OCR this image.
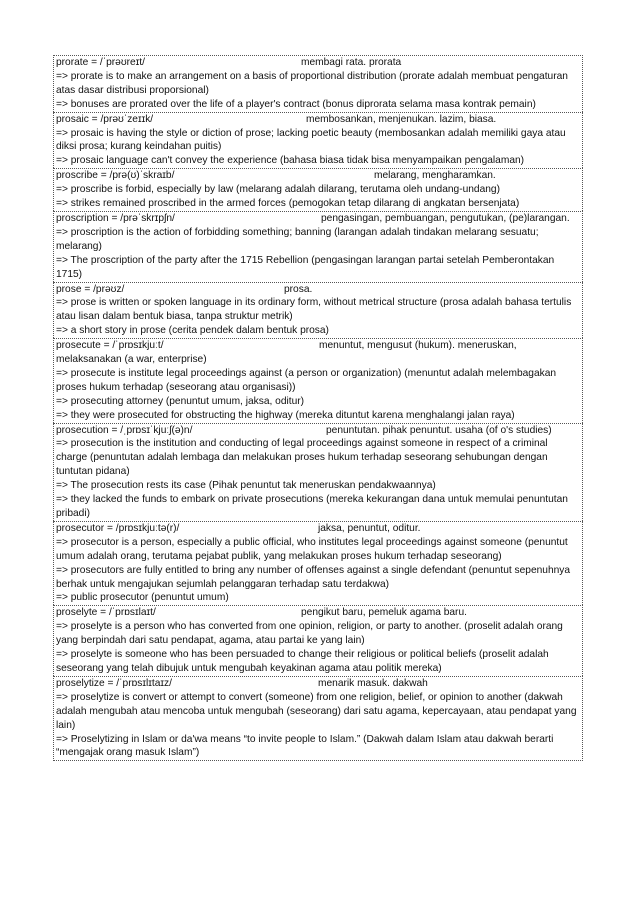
prorate = /ˈprəʊreɪt/	membagi rata. prorata
=> prorate is to make an arrangement on a basis of proportional distribution (prorate adalah membuat pengaturan atas dasar distribusi proporsional)
=> bonuses are prorated over the life of a player's contract (bonus diprorata selama masa kontrak pemain)
prosaic = /prəʊˈzeɪɪk/	membosankan, menjenukan. lazim, biasa.
=> prosaic is having the style or diction of prose; lacking poetic beauty (membosankan adalah memiliki gaya atau diksi prosa; kurang keindahan puitis)
=> prosaic language can't convey the experience (bahasa biasa tidak bisa menyampaikan pengalaman)
proscribe = /prə(ʊ)ˈskraɪb/	melarang, mengharamkan.
=> proscribe is forbid, especially by law (melarang adalah dilarang, terutama oleh undang-undang)
=> strikes remained proscribed in the armed forces (pemogokan tetap dilarang di angkatan bersenjata)
proscription = /prəˈskrɪpʃn/	pengasingan, pembuangan, pengutukan, (pe)larangan.
=> proscription is the action of forbidding something; banning (larangan adalah tindakan melarang sesuatu; melarang)
=> The proscription of the party after the 1715 Rebellion (pengasingan larangan partai setelah Pemberontakan 1715)
prose = /prəʊz/	prosa.
=> prose is written or spoken language in its ordinary form, without metrical structure (prosa adalah bahasa tertulis atau lisan dalam bentuk biasa, tanpa struktur metrik)
=> a short story in prose (cerita pendek dalam bentuk prosa)
prosecute = /ˈprɒsɪkjuːt/	menuntut, mengusut (hukum). meneruskan, melaksanakan (a war, enterprise)
=> prosecute is institute legal proceedings against (a person or organization) (menuntut adalah melembagakan proses hukum terhadap (seseorang atau organisasi))
=> prosecuting attorney (penuntut umum, jaksa, oditur)
=> they were prosecuted for obstructing the highway (mereka dituntut karena menghalangi jalan raya)
prosecution = /ˌprɒsɪˈkjuːʃ(ə)n/	penuntutan. pihak penuntut. usaha (of o's studies)
=> prosecution is the institution and conducting of legal proceedings against someone in respect of a criminal charge (penuntutan adalah lembaga dan melakukan proses hukum terhadap seseorang sehubungan dengan tuntutan pidana)
=> The prosecution rests its case (Pihak penuntut tak meneruskan pendakwaannya)
=> they lacked the funds to embark on private prosecutions (mereka kekurangan dana untuk memulai penuntutan pribadi)
prosecutor = /prɒsɪkjuːtə(r)/	jaksa, penuntut, oditur.
=> prosecutor is a person, especially a public official, who institutes legal proceedings against someone (penuntut umum adalah orang, terutama pejabat publik, yang melakukan proses hukum terhadap seseorang)
=> prosecutors are fully entitled to bring any number of offenses against a single defendant (penuntut sepenuhnya berhak untuk mengajukan sejumlah pelanggaran terhadap satu terdakwa)
=> public prosecutor (penuntut umum)
proselyte = /ˈprɒsɪlaɪt/	pengikut baru, pemeluk agama baru.
=> proselyte is a person who has converted from one opinion, religion, or party to another. (proselit adalah orang yang berpindah dari satu pendapat, agama, atau partai ke yang lain)
=> proselyte is someone who has been persuaded to change their religious or political beliefs (proselit adalah seseorang yang telah dibujuk untuk mengubah keyakinan agama atau politik mereka)
proselytize = /ˈprɒsɪlɪtaɪz/	menarik masuk. dakwah
=> proselytize is convert or attempt to convert (someone) from one religion, belief, or opinion to another (dakwah adalah mengubah atau mencoba untuk mengubah (seseorang) dari satu agama, kepercayaan, atau pendapat yang lain)
=> Proselytizing in Islam or da'wa means “to invite people to Islam.” (Dakwah dalam Islam atau dakwah berarti “mengajak orang masuk Islam”)
